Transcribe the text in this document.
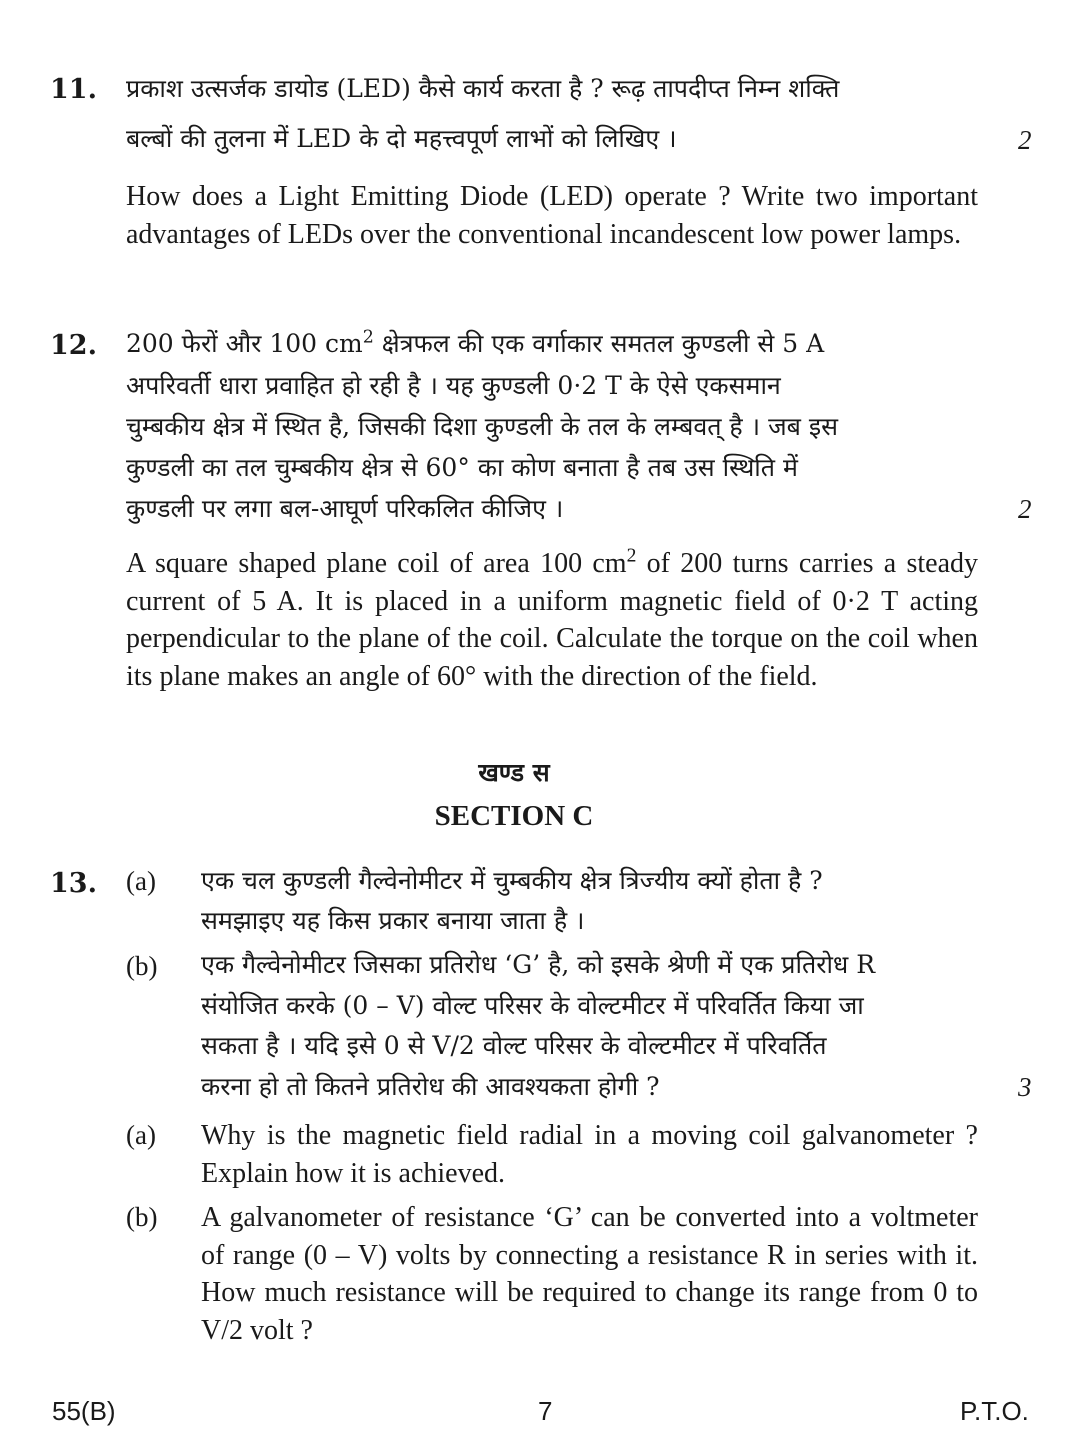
11. प्रकाश उत्सर्जक डायोड (LED) कैसे कार्य करता है ? रूढ़ तापदीप्त निम्न शक्ति

बल्बों की तुलना में LED के दो महत्त्वपूर्ण लाभों को लिखिए ।	2

How does a Light Emitting Diode (LED) operate ? Write two important advantages of LEDs over the conventional incandescent low power lamps.

12. 200 फेरों और 100 $cm^2$ क्षेत्रफल की एक वर्गाकार समतल कुण्डली से 5 A

अपरिवर्ती धारा प्रवाहित हो रही है । यह कुण्डली 0·2 T के ऐसे एकसमान

चुम्बकीय क्षेत्र में स्थित है, जिसकी दिशा कुण्डली के तल के लम्बवत् है । जब इस

कुण्डली का तल चुम्बकीय क्षेत्र से 60° का कोण बनाता है तब उस स्थिति में

कुण्डली पर लगा बल-आघूर्ण परिकलित कीजिए ।	2

A square shaped plane coil of area 100 $cm^2$ of 200 turns carries a steady current of 5 A. It is placed in a uniform magnetic field of 0·2 T acting perpendicular to the plane of the coil. Calculate the torque on the coil when its plane makes an angle of 60° with the direction of the field.

खण्ड स
SECTION C
13. (a) एक चल कुण्डली गैल्वेनोमीटर में चुम्बकीय क्षेत्र त्रिज्यीय क्यों होता है ?

समझाइए यह किस प्रकार बनाया जाता है ।

(b) एक गैल्वेनोमीटर जिसका प्रतिरोध ‘G’ है, को इसके श्रेणी में एक प्रतिरोध R

संयोजित करके (0 – V) वोल्ट परिसर के वोल्टमीटर में परिवर्तित किया जा

सकता है । यदि इसे 0 से V/2 वोल्ट परिसर के वोल्टमीटर में परिवर्तित

करना हो तो कितने प्रतिरोध की आवश्यकता होगी ?	3
(a) Why is the magnetic field radial in a moving coil galvanometer ? Explain how it is achieved.

(b) A galvanometer of resistance ‘G’ can be converted into a voltmeter of range (0 – V) volts by connecting a resistance R in series with it. How much resistance will be required to change its range from 0 to V/2 volt ?

55(B)	7	P.T.O.
